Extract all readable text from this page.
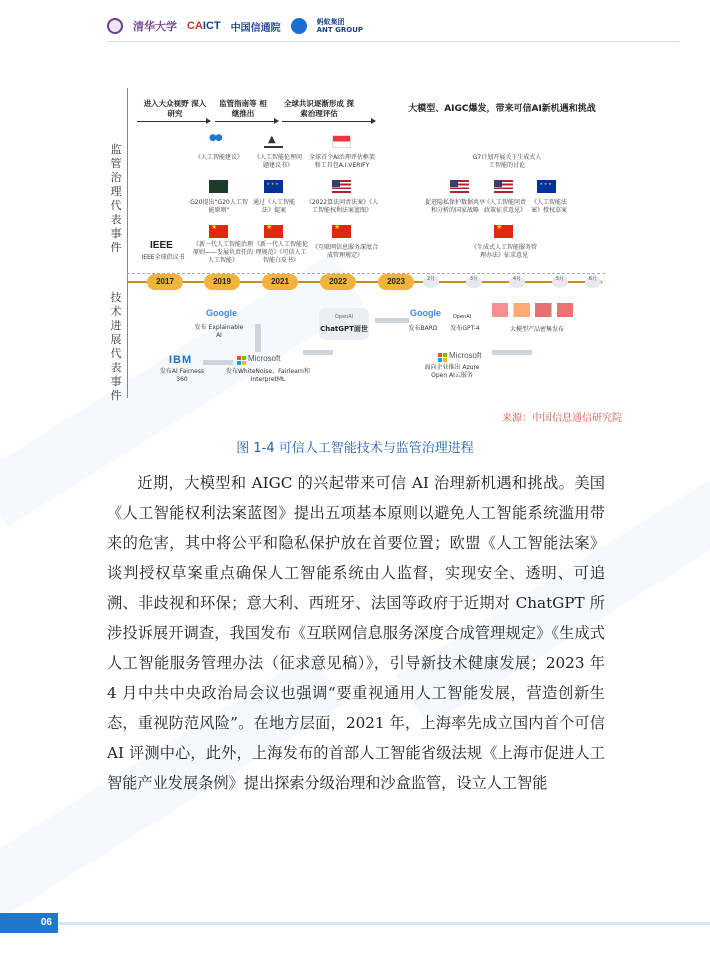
清华大学 CAICT 中国信通院
蚂蚁集团
ANT GROUP
监管治理代表事件
技术进展代表事件
进入大众视野 深入研究
监管指南等 相继推出
全球共识逐渐形成 探索治理评估	大模型、AIGC爆发，带来可信AI新机遇和挑战
●●
▲
《人工智能建议》	《人工智能伦理问题建议书》
全球首个AI治理评估框架和工具包A.I.VERIFY
G7计划开展关于生成式人工智能的讨论
⋆⋆⋆
⋆⋆⋆
G20提出“G20人工智能原则”
通过《人工智能法》提案
《2022算法问责法案》《人工智能权利法案蓝图》
促进隐私保护数据共享和分析的国家战略
《人工智能问责政策征求意见》
《人工智能法案》授权草案
IEEE
★
★
★
★
IEEE全球倡议书
《新一代人工智能治理原则——发展负责任的人工智能》
《新一代人工智能伦理规范》《可信人工智能白皮书》
《互联网信息服务深度合成管理规定》
《生成式人工智能服务管理办法》征求意见
2017	2019	2021	2022	2023	2月	3月	4月	5月	6月
Google
发布 Explainable AI
IBM
发布AI Fairness 360
Microsoft
发布WhiteNoise、Fairlearn和InterpretML
OpenAI
ChatGPT面世
Google
发布BARD
OpenAI
发布GPT-4
Microsoft
面向企业推出 Azure Open AI云服务
大模型产品密集发布
来源：中国信息通信研究院
图 1-4 可信人工智能技术与监管治理进程

近期，大模型和 AIGC 的兴起带来可信 AI 治理新机遇和挑战。美国《人工智能权利法案蓝图》提出五项基本原则以避免人工智能系统滥用带来的危害，其中将公平和隐私保护放在首要位置；欧盟《人工智能法案》谈判授权草案重点确保人工智能系统由人监督，实现安全、透明、可追溯、非歧视和环保；意大利、西班牙、法国等政府于近期对 ChatGPT 所涉投诉展开调查，我国发布《互联网信息服务深度合成管理规定》《生成式人工智能服务管理办法（征求意见稿）》，引导新技术健康发展；2023 年 4 月中共中央政治局会议也强调“要重视通用人工智能发展，营造创新生态，重视防范风险”。在地方层面，2021 年，上海率先成立国内首个可信 AI 评测中心，此外，上海发布的首部人工智能省级法规《上海市促进人工智能产业发展条例》提出探索分级治理和沙盒监管，设立人工智能

06
